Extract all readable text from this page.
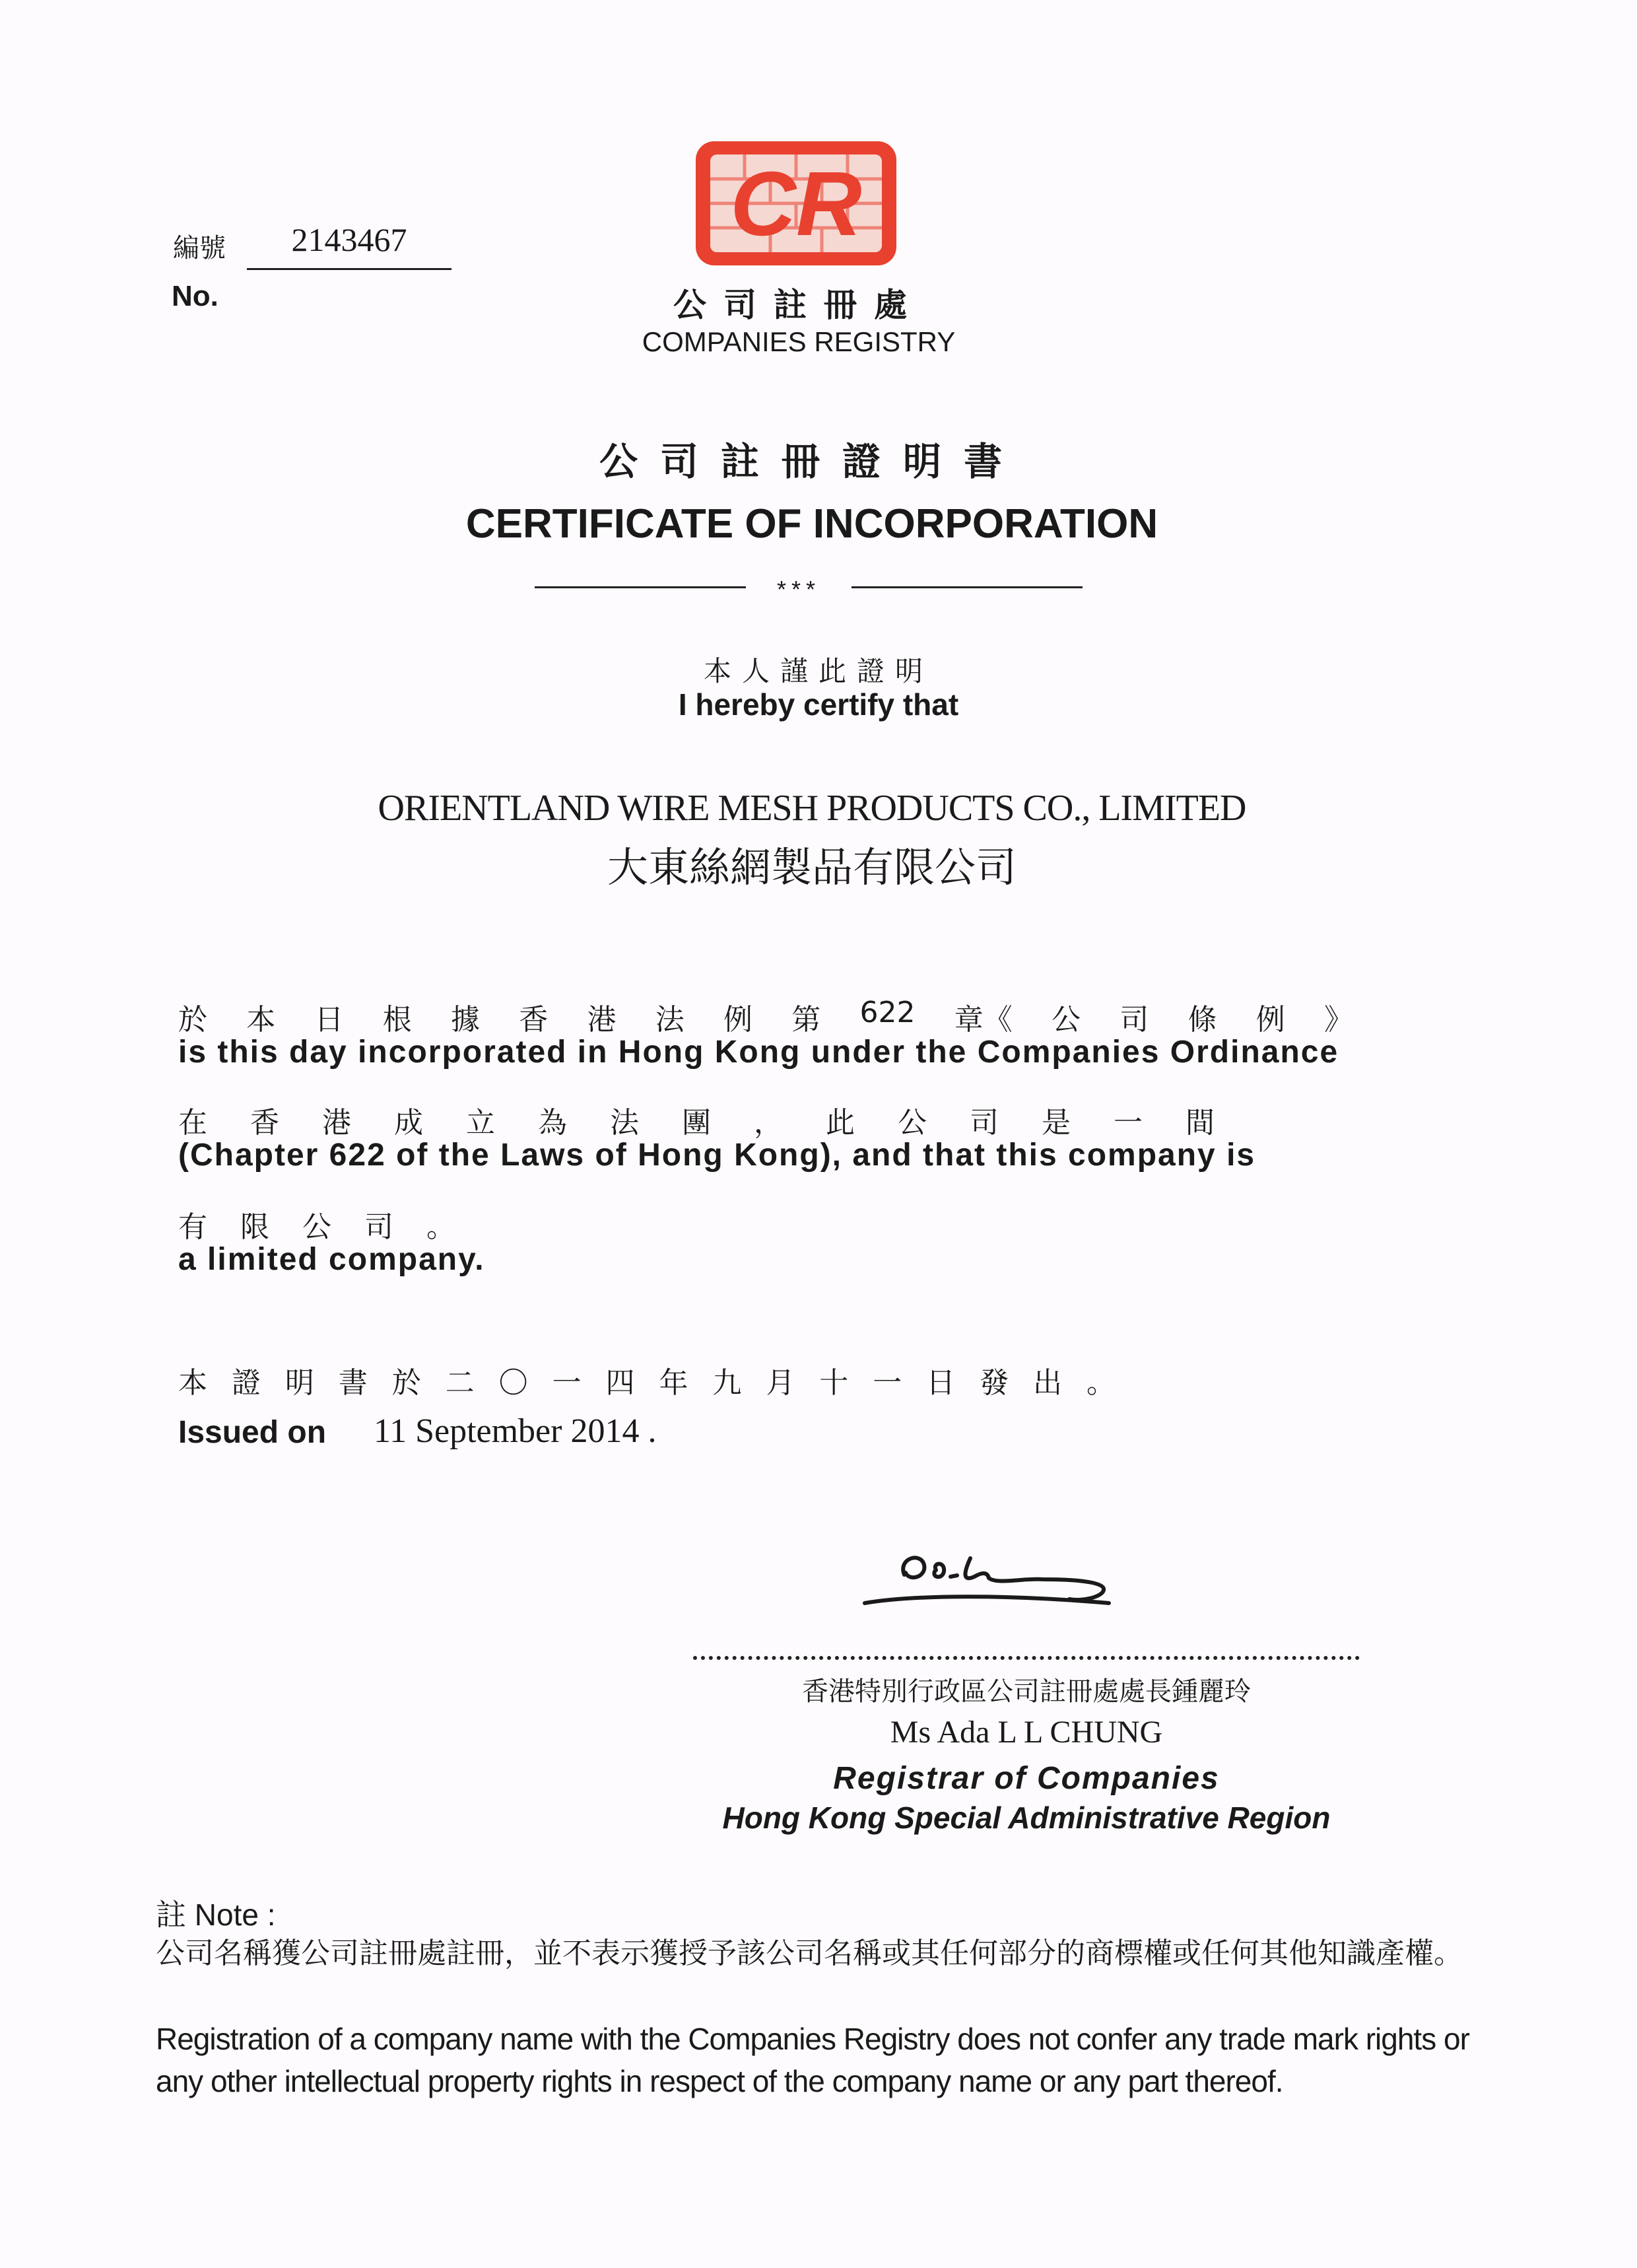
編號	2143467
No.
CR
公司註冊處
COMPANIES REGISTRY
公司註冊證明書
CERTIFICATE OF INCORPORATION
***
本人謹此證明
I hereby certify that
ORIENTLAND WIRE MESH PRODUCTS CO., LIMITED
大東絲網製品有限公司
於 本 日 根 據 香 港 法 例 第 622 章《 公 司 條 例 》
is this day incorporated in Hong Kong under the Companies Ordinance
在 香 港 成 立 為 法 團 ， 此 公 司 是 一 間
(Chapter 622 of the Laws of Hong Kong), and that this company is
有 限 公 司 。
a limited company.
本 證 明 書 於 二 〇 一 四 年 九 月 十 一 日 發 出 。
Issued on 11 September 2014 .
香港特別行政區公司註冊處處長鍾麗玲
Ms Ada L L CHUNG
Registrar of Companies
Hong Kong Special Administrative Region
註 Note :
公司名稱獲公司註冊處註冊，並不表示獲授予該公司名稱或其任何部分的商標權或任何其他知識產權。
Registration of a company name with the Companies Registry does not confer any trade mark rights or any other intellectual property rights in respect of the company name or any part thereof.
